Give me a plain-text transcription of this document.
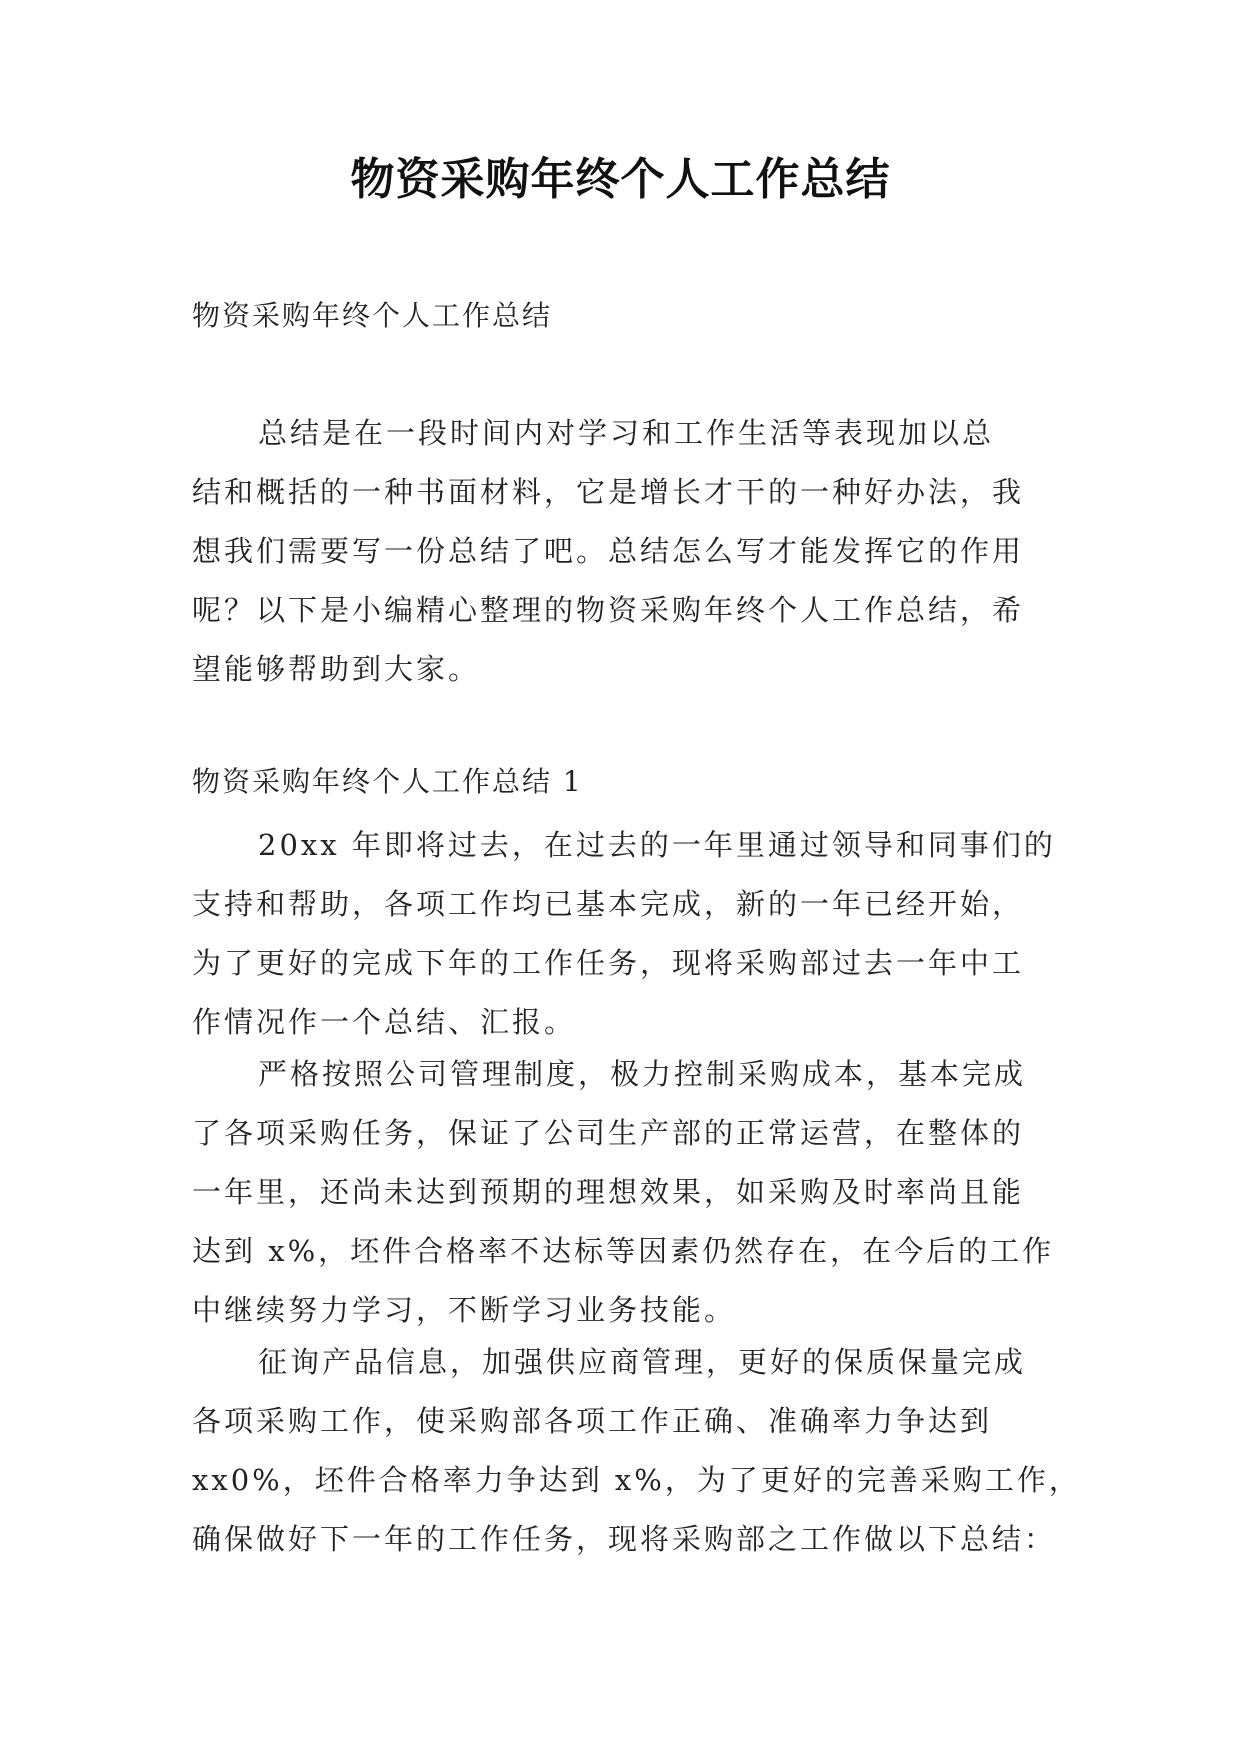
物资采购年终个人工作总结
物资采购年终个人工作总结
总结是在一段时间内对学习和工作生活等表现加以总
结和概括的一种书面材料，它是增长才干的一种好办法，我
想我们需要写一份总结了吧。总结怎么写才能发挥它的作用
呢？以下是小编精心整理的物资采购年终个人工作总结，希
望能够帮助到大家。
物资采购年终个人工作总结 1
20xx 年即将过去，在过去的一年里通过领导和同事们的
支持和帮助，各项工作均已基本完成，新的一年已经开始，
为了更好的完成下年的工作任务，现将采购部过去一年中工
作情况作一个总结、汇报。
严格按照公司管理制度，极力控制采购成本，基本完成
了各项采购任务，保证了公司生产部的正常运营，在整体的
一年里，还尚未达到预期的理想效果，如采购及时率尚且能
达到 x%，坯件合格率不达标等因素仍然存在，在今后的工作
中继续努力学习，不断学习业务技能。
征询产品信息，加强供应商管理，更好的保质保量完成
各项采购工作，使采购部各项工作正确、准确率力争达到
xx0%，坯件合格率力争达到 x%，为了更好的完善采购工作，
确保做好下一年的工作任务，现将采购部之工作做以下总结：
